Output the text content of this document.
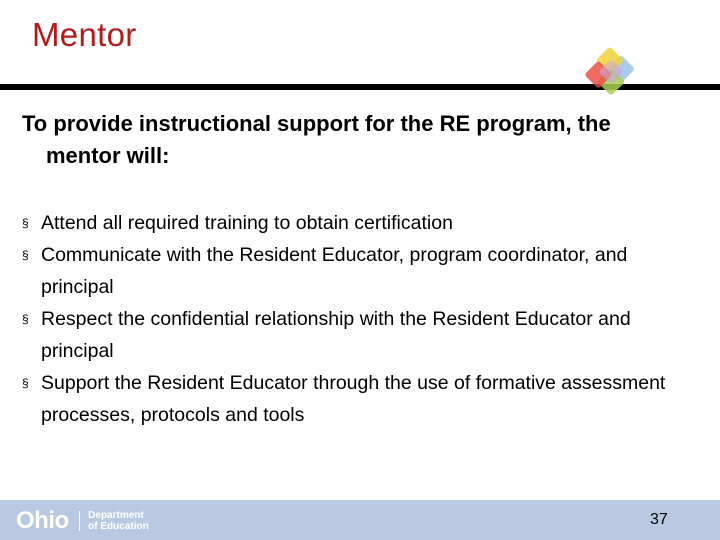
Mentor
To provide instructional support for the RE program, the mentor will:
§ Attend all required training to obtain certification
§ Communicate with the Resident Educator, program coordinator, and principal
§ Respect the confidential relationship with the Resident Educator and principal
§ Support the Resident Educator through the use of formative assessment processes, protocols and tools
Ohio Department
of Education	37
